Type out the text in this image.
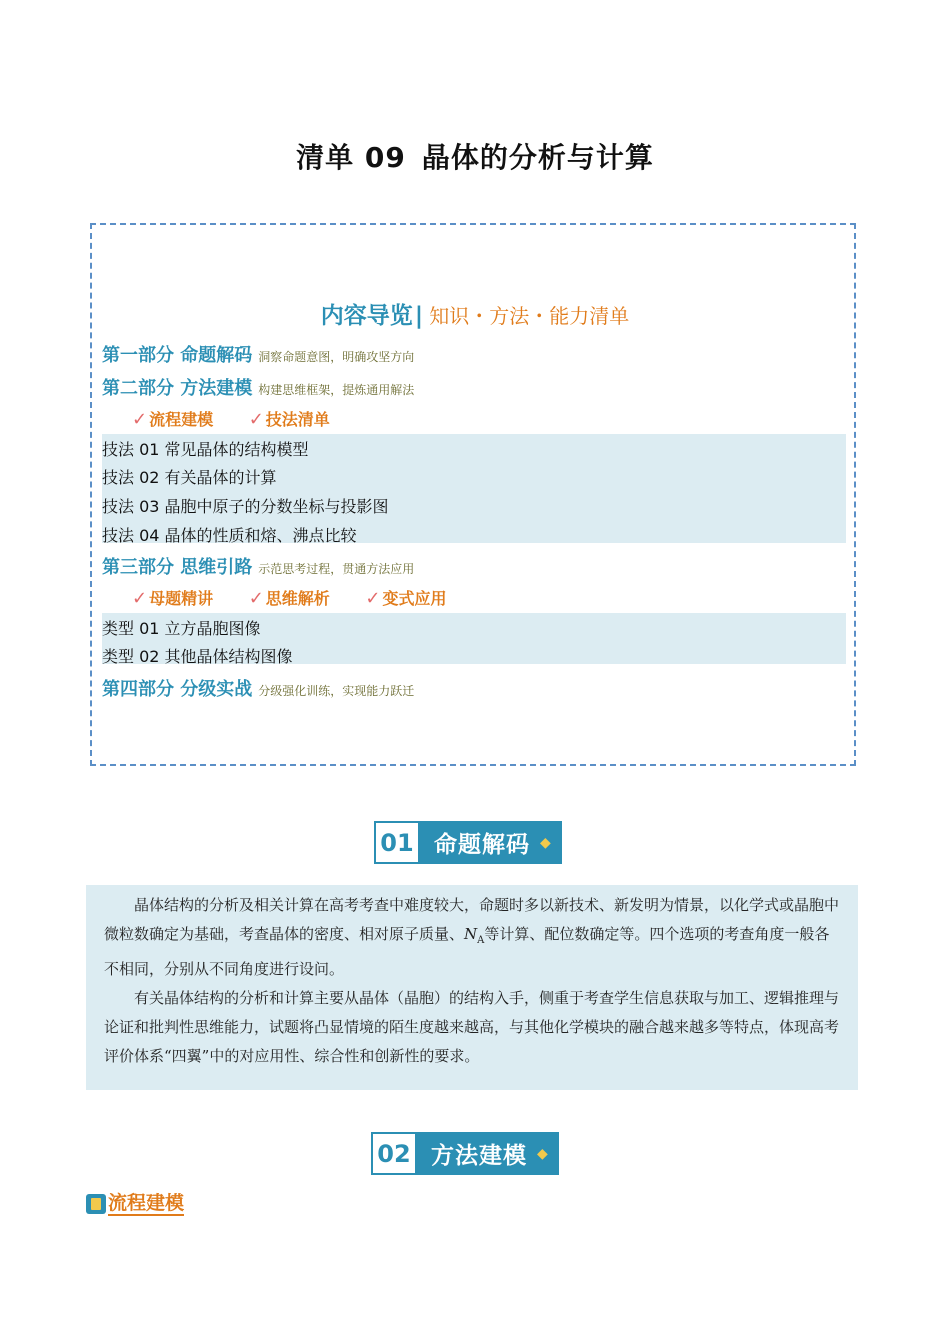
清单 09 晶体的分析与计算
内容导览| 知识・方法・能力清单
第一部分 命题解码 洞察命题意图，明确攻坚方向
第二部分 方法建模 构建思维框架，提炼通用解法
✓ 流程建模 ✓ 技法清单
技法 01 常见晶体的结构模型
技法 02 有关晶体的计算
技法 03 晶胞中原子的分数坐标与投影图
技法 04 晶体的性质和熔、沸点比较
第三部分 思维引路 示范思考过程，贯通方法应用
✓ 母题精讲 ✓ 思维解析 ✓ 变式应用
类型 01 立方晶胞图像
类型 02 其他晶体结构图像
第四部分 分级实战 分级强化训练，实现能力跃迁
01 命题解码 ◆

晶体结构的分析及相关计算在高考考查中难度较大，命题时多以新技术、新发明为情景，以化学式或晶胞中微粒数确定为基础，考查晶体的密度、相对原子质量、$N_A$等计算、配位数确定等。四个选项的考查角度一般各不相同，分别从不同角度进行设问。

有关晶体结构的分析和计算主要从晶体（晶胞）的结构入手，侧重于考查学生信息获取与加工、逻辑推理与论证和批判性思维能力，试题将凸显情境的陌生度越来越高，与其他化学模块的融合越来越多等特点，体现高考评价体系“四翼”中的对应用性、综合性和创新性的要求。

02 方法建模 ◆
流程建模
